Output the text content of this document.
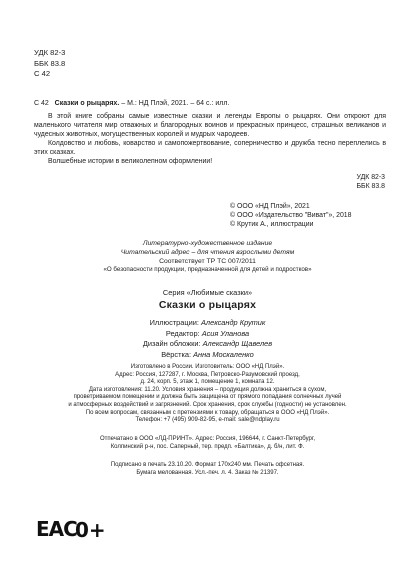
УДК 82-3
ББК 83.8
С 42
С 42 Сказки о рыцарях. – М.: НД Плэй, 2021. – 64 с.: илл.

В этой книге собраны самые известные сказки и легенды Европы о рыцарях. Они откроют для маленького читателя мир отважных и благородных воинов и прекрасных принцесс, страшных великанов и чудесных животных, могущественных королей и мудрых чародеев.

Колдовство и любовь, коварство и самопожертвование, соперничество и дружба тесно переплелись в этих сказках.

Волшебные истории в великолепном оформлении!

УДК 82-3
ББК 83.8
© ООО «НД Плэй», 2021
© ООО «Издательство "Виват"», 2018
© Крутик А., иллюстрации
Литературно-художественное издание
Читательский адрес – для чтения взрослыми детям
Соответствует ТР ТС 007/2011
«О безопасности продукции, предназначенной для детей и подростков»
Серия «Любимые сказки»
Сказки о рыцарях
Иллюстрации: Александр Крутик
Редактор: Асия Уланова
Дизайн обложки: Александр Щавелев
Вёрстка: Анна Москаленко
Изготовлено в России. Изготовитель: ООО «НД Плэй».
Адрес: Россия, 127287, г. Москва, Петровско-Разумовский проезд,
д. 24, корп. 5, этаж 1, помещение 1, комната 12.
Дата изготовления: 11.20. Условия хранения – продукция должна храниться в сухом,
проветриваемом помещении и должна быть защищена от прямого попадания солнечных лучей
и атмосферных воздействий и загрязнений. Срок хранения, срок службы (годности) не установлен.
По всем вопросам, связанным с претензиями к товару, обращаться в ООО «НД Плэй».
Телефон: +7 (495) 909-82-95, e-mail: sale@ndplay.ru
Отпечатано в ООО «ЛД-ПРИНТ». Адрес: Россия, 196644, г. Санкт-Петербург,
Колпинский р-н, пос. Саперный, тер. предп. «Балтика», д. б/н, лит. Ф.
Подписано в печать 23.10.20. Формат 170х240 мм. Печать офсетная.
Бумага мелованная. Усл.-печ. л. 4. Заказ № 21397.
EAC
0+
